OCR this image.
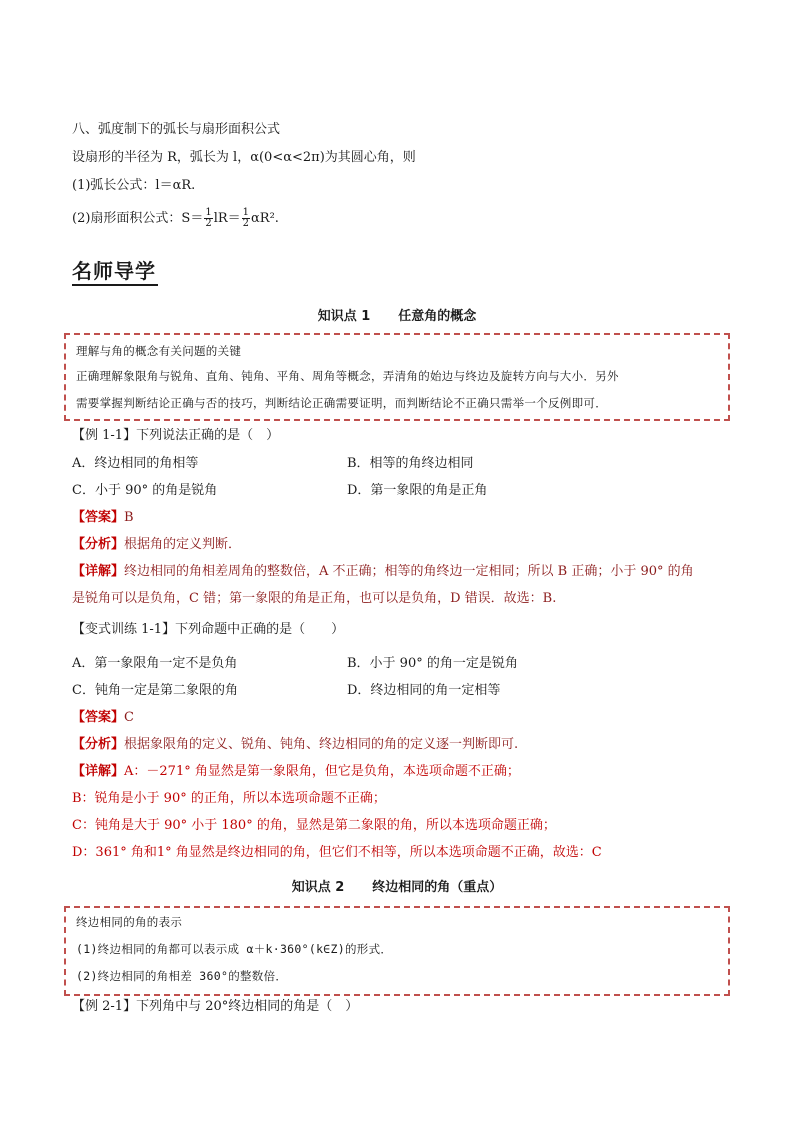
八、弧度制下的弧长与扇形面积公式
设扇形的半径为 R，弧长为 l，α(0<α<2π)为其圆心角，则
(1)弧长公式：l＝αR.
(2)扇形面积公式：$S= \frac{1}{2} lR= \frac{1}{2} \alpha R^2$.
名师导学
知识点 1 任意角的概念
理解与角的概念有关问题的关键
正确理解象限角与锐角、直角、钝角、平角、周角等概念，弄清角的始边与终边及旋转方向与大小．另外
需要掌握判断结论正确与否的技巧，判断结论正确需要证明，而判断结论不正确只需举一个反例即可．
【例 1-1】下列说法正确的是（　）
A．终边相同的角相等	B．相等的角终边相同
C．小于 90° 的角是锐角	D．第一象限的角是正角
【答案】B
【分析】根据角的定义判断．
【详解】终边相同的角相差周角的整数倍，A 不正确；相等的角终边一定相同；所以 B 正确；小于 90° 的角
是锐角可以是负角，C 错；第一象限的角是正角，也可以是负角，D 错误．故选：B.
【变式训练 1-1】下列命题中正确的是（　　）
A．第一象限角一定不是负角	B．小于 90° 的角一定是锐角
C．钝角一定是第二象限的角	D．终边相同的角一定相等
【答案】C
【分析】根据象限角的定义、锐角、钝角、终边相同的角的定义逐一判断即可.
【详解】A：－271° 角显然是第一象限角，但它是负角，本选项命题不正确；
B：锐角是小于 90° 的正角，所以本选项命题不正确；
C：钝角是大于 90° 小于 180° 的角，显然是第二象限的角，所以本选项命题正确；
D：361° 角和1° 角显然是终边相同的角，但它们不相等，所以本选项命题不正确，故选：C
知识点 2 终边相同的角（重点）
终边相同的角的表示
(1)终边相同的角都可以表示成 α＋k·360°(k∈Z)的形式．
(2)终边相同的角相差 360°的整数倍．
【例 2-1】下列角中与 20°终边相同的角是（　）
